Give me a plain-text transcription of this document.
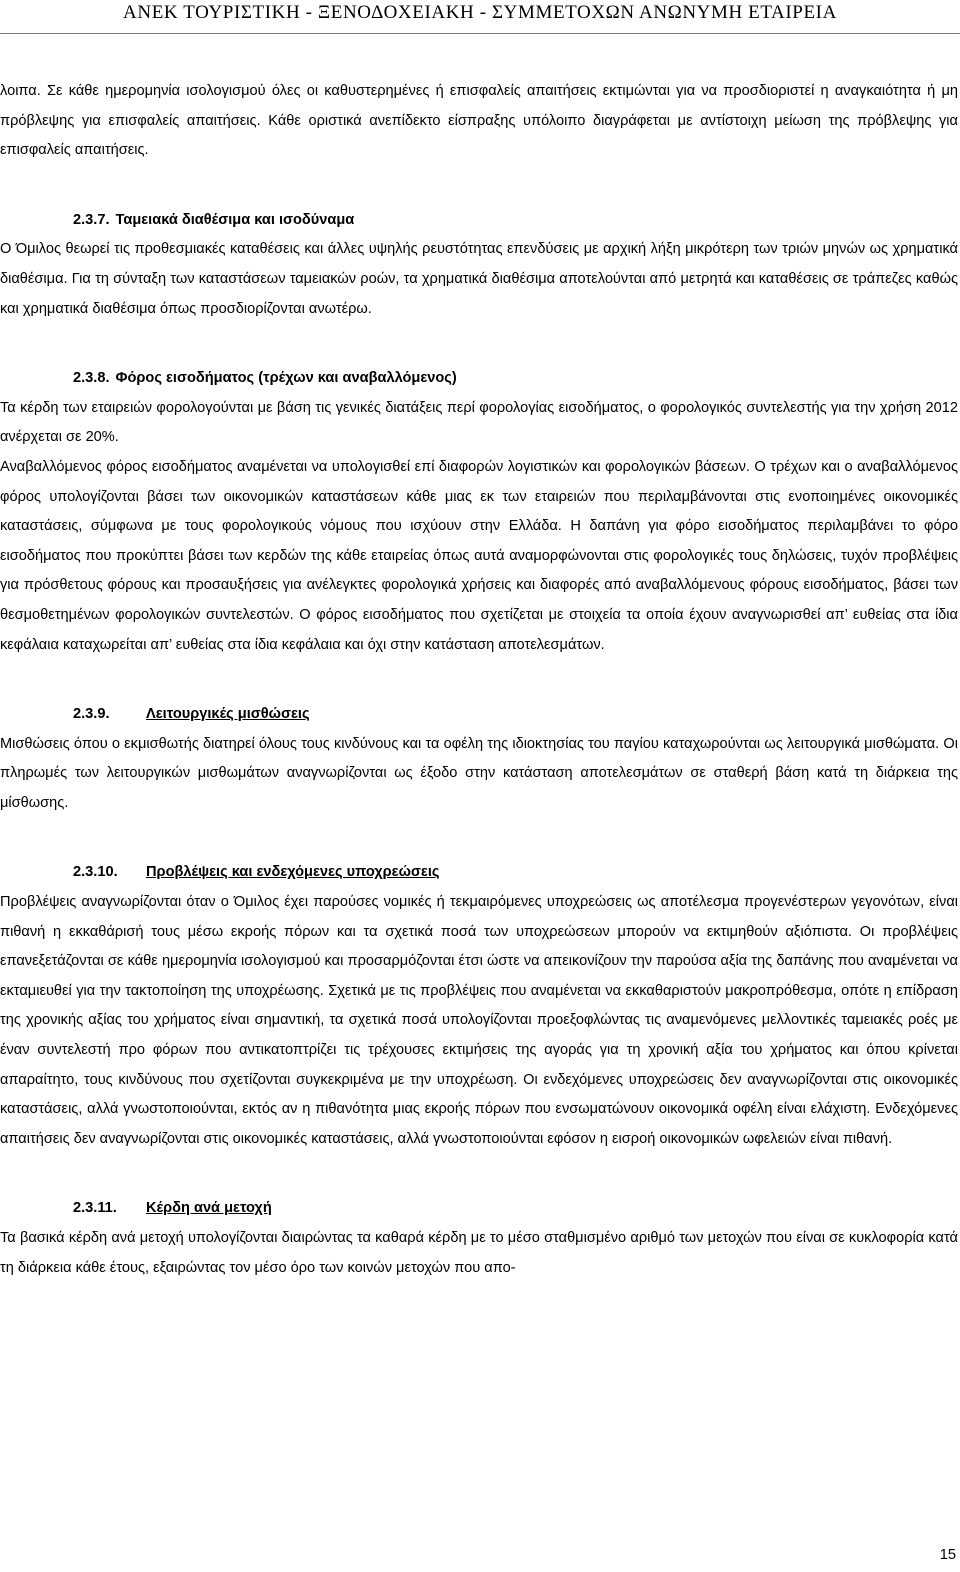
ΑΝΕΚ ΤΟΥΡΙΣΤΙΚΗ - ΞΕΝΟΔΟΧΕΙΑΚΗ - ΣΥΜΜΕΤΟΧΩΝ ΑΝΩΝΥΜΗ ΕΤΑΙΡΕΙΑ

λοιπα. Σε κάθε ημερομηνία ισολογισμού όλες οι καθυστερημένες ή επισφαλείς απαιτήσεις εκτιμώνται για να προσδιοριστεί η αναγκαιότητα ή μη πρόβλεψης για επισφαλείς απαιτήσεις. Κάθε οριστικά ανεπίδεκτο είσπραξης υπόλοιπο διαγράφεται με αντίστοιχη μείωση της πρόβλεψης για επισφαλείς απαιτήσεις.

2.3.7. Ταμειακά διαθέσιμα και ισοδύναμα

Ο Όμιλος θεωρεί τις προθεσμιακές καταθέσεις και άλλες υψηλής ρευστότητας επενδύσεις με αρχική λήξη μικρότερη των τριών μηνών ως χρηματικά διαθέσιμα. Για τη σύνταξη των καταστάσεων ταμειακών ροών, τα χρηματικά διαθέσιμα αποτελούνται από μετρητά και καταθέσεις σε τράπεζες καθώς και χρηματικά διαθέσιμα όπως προσδιορίζονται ανωτέρω.

2.3.8. Φόρος εισοδήματος (τρέχων και αναβαλλόμενος)

Τα κέρδη των εταιρειών φορολογούνται με βάση τις γενικές διατάξεις περί φορολογίας εισοδήματος, ο φορολογικός συντελεστής για την χρήση 2012 ανέρχεται σε 20%.

Αναβαλλόμενος φόρος εισοδήματος αναμένεται να υπολογισθεί επί διαφορών λογιστικών και φορολογικών βάσεων. Ο τρέχων και ο αναβαλλόμενος φόρος υπολογίζονται βάσει των οικονομικών καταστάσεων κάθε μιας εκ των εταιρειών που περιλαμβάνονται στις ενοποιημένες οικονομικές καταστάσεις, σύμφωνα με τους φορολογικούς νόμους που ισχύουν στην Ελλάδα. Η δαπάνη για φόρο εισοδήματος περιλαμβάνει το φόρο εισοδήματος που προκύπτει βάσει των κερδών της κάθε εταιρείας όπως αυτά αναμορφώνονται στις φορολογικές τους δηλώσεις, τυχόν προβλέψεις για πρόσθετους φόρους και προσαυξήσεις για ανέλεγκτες φορολογικά χρήσεις και διαφορές από αναβαλλόμενους φόρους εισοδήματος, βάσει των θεσμοθετημένων φορολογικών συντελεστών. Ο φόρος εισοδήματος που σχετίζεται με στοιχεία τα οποία έχουν αναγνωρισθεί απ’ ευθείας στα ίδια κεφάλαια καταχωρείται απ’ ευθείας στα ίδια κεφάλαια και όχι στην κατάσταση αποτελεσμάτων.

2.3.9.	Λειτουργικές μισθώσεις

Μισθώσεις όπου ο εκμισθωτής διατηρεί όλους τους κινδύνους και τα οφέλη της ιδιοκτησίας του παγίου καταχωρούνται ως λειτουργικά μισθώματα. Οι πληρωμές των λειτουργικών μισθωμάτων αναγνωρίζονται ως έξοδο στην κατάσταση αποτελεσμάτων σε σταθερή βάση κατά τη διάρκεια της μίσθωσης.

2.3.10.	Προβλέψεις και ενδεχόμενες υποχρεώσεις

Προβλέψεις αναγνωρίζονται όταν ο Όμιλος έχει παρούσες νομικές ή τεκμαιρόμενες υποχρεώσεις ως αποτέλεσμα προγενέστερων γεγονότων, είναι πιθανή η εκκαθάρισή τους μέσω εκροής πόρων και τα σχετικά ποσά των υποχρεώσεων μπορούν να εκτιμηθούν αξιόπιστα. Οι προβλέψεις επανεξετάζονται σε κάθε ημερομηνία ισολογισμού και προσαρμόζονται έτσι ώστε να απεικονίζουν την παρούσα αξία της δαπάνης που αναμένεται να εκταμιευθεί για την τακτοποίηση της υποχρέωσης. Σχετικά με τις προβλέψεις που αναμένεται να εκκαθαριστούν μακροπρόθεσμα, οπότε η επίδραση της χρονικής αξίας του χρήματος είναι σημαντική, τα σχετικά ποσά υπολογίζονται προεξοφλώντας τις αναμενόμενες μελλοντικές ταμειακές ροές με έναν συντελεστή προ φόρων που αντικατοπτρίζει τις τρέχουσες εκτιμήσεις της αγοράς για τη χρονική αξία του χρήματος και όπου κρίνεται απαραίτητο, τους κινδύνους που σχετίζονται συγκεκριμένα με την υποχρέωση. Οι ενδεχόμενες υποχρεώσεις δεν αναγνωρίζονται στις οικονομικές καταστάσεις, αλλά γνωστοποιούνται, εκτός αν η πιθανότητα μιας εκροής πόρων που ενσωματώνουν οικονομικά οφέλη είναι ελάχιστη. Ενδεχόμενες απαιτήσεις δεν αναγνωρίζονται στις οικονομικές καταστάσεις, αλλά γνωστοποιούνται εφόσον η εισροή οικονομικών ωφελειών είναι πιθανή.

2.3.11.	Κέρδη ανά μετοχή

Τα βασικά κέρδη ανά μετοχή υπολογίζονται διαιρώντας τα καθαρά κέρδη με το μέσο σταθμισμένο αριθμό των μετοχών που είναι σε κυκλοφορία κατά τη διάρκεια κάθε έτους, εξαιρώντας τον μέσο όρο των κοινών μετοχών που απο-

15
